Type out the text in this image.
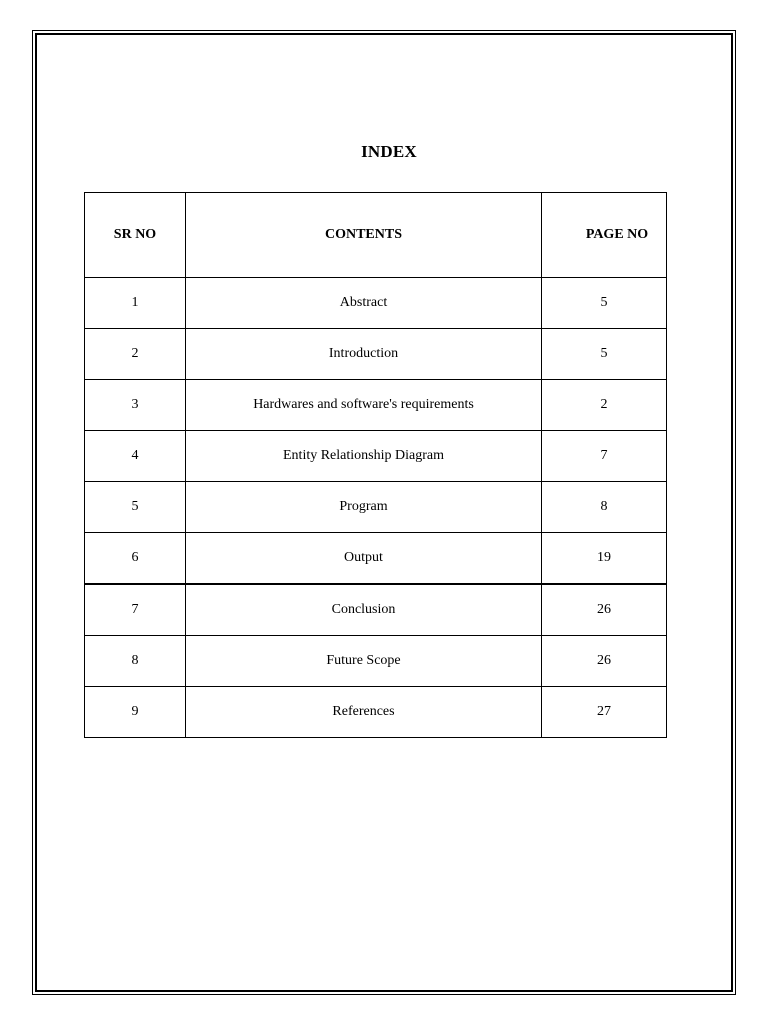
INDEX
SR NO	CONTENTS	PAGE NO
1	Abstract	5
2	Introduction	5
3	Hardwares and software's requirements	2
4	Entity Relationship Diagram	7
5	Program	8
6	Output	19
7	Conclusion	26
8	Future Scope	26
9	References	27
